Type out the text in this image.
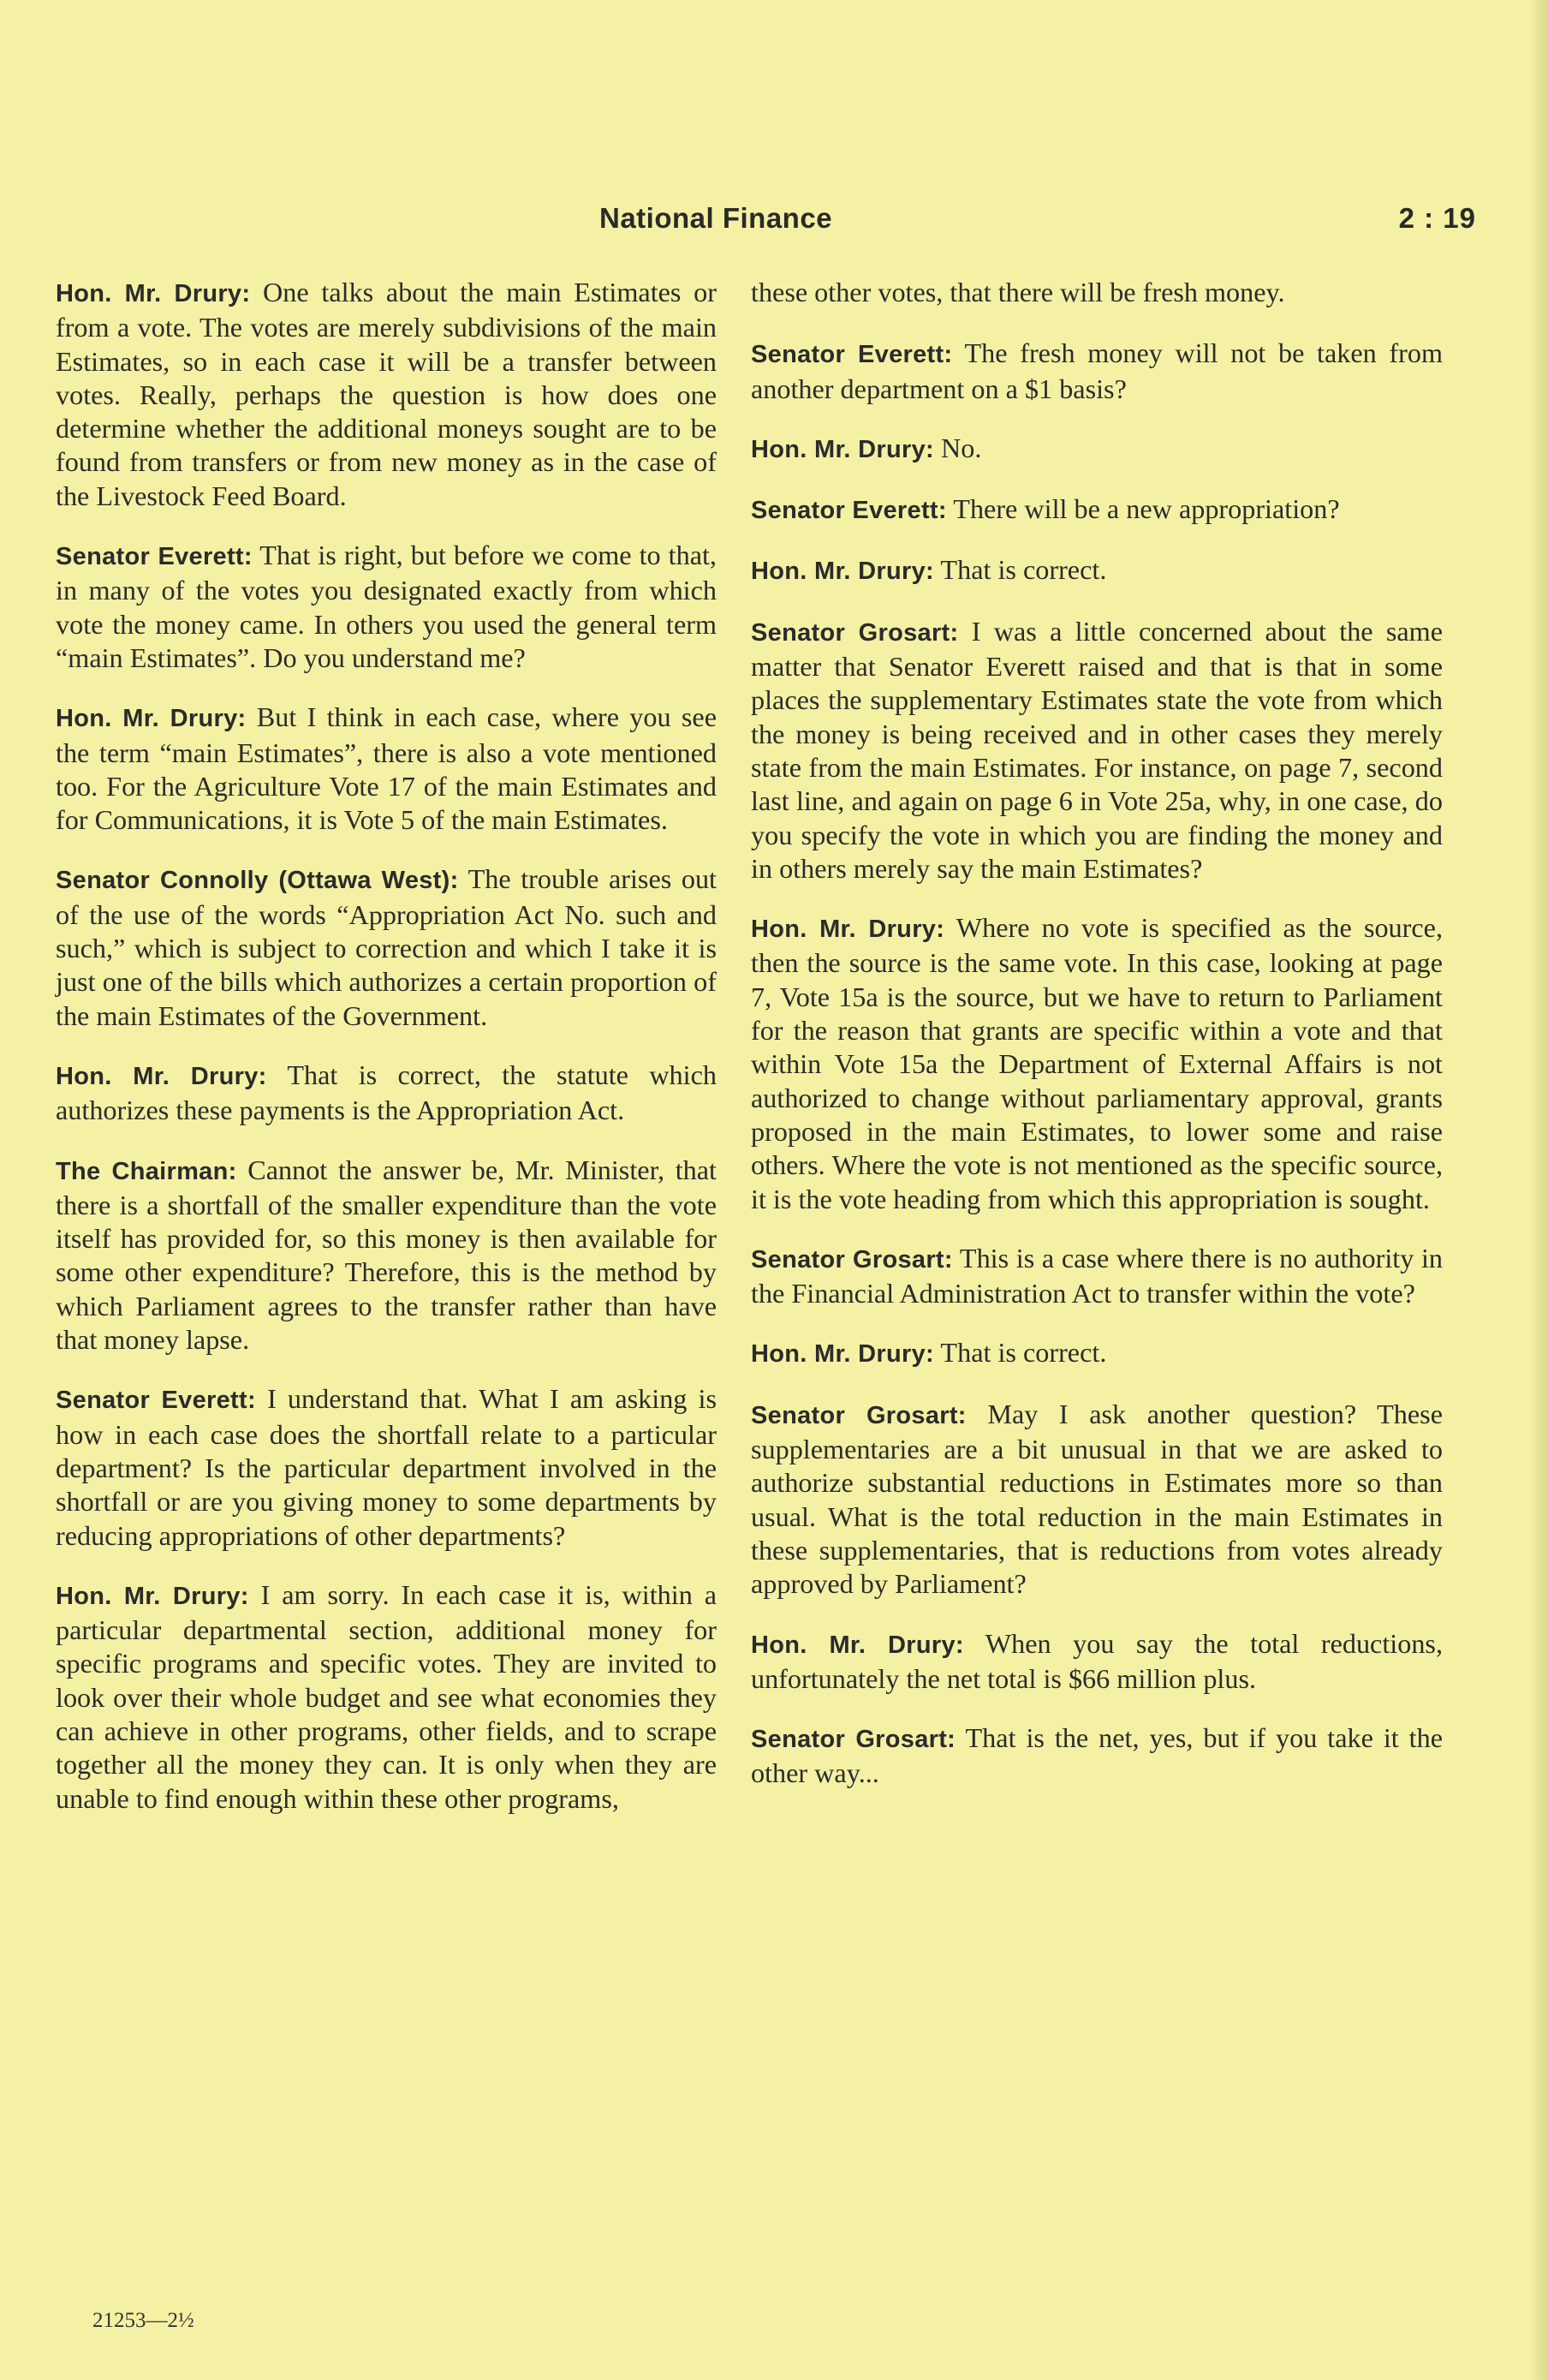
National Finance	2 : 19

Hon. Mr. Drury: One talks about the main Estimates or from a vote. The votes are merely subdivisions of the main Estimates, so in each case it will be a transfer between votes. Really, perhaps the question is how does one determine whether the additional moneys sought are to be found from transfers or from new money as in the case of the Livestock Feed Board.

Senator Everett: That is right, but before we come to that, in many of the votes you designated exactly from which vote the money came. In others you used the general term “main Estimates”. Do you understand me?

Hon. Mr. Drury: But I think in each case, where you see the term “main Estimates”, there is also a vote mentioned too. For the Agriculture Vote 17 of the main Estimates and for Communications, it is Vote 5 of the main Estimates.

Senator Connolly (Ottawa West): The trouble arises out of the use of the words “Appropriation Act No. such and such,” which is subject to correction and which I take it is just one of the bills which authorizes a certain proportion of the main Estimates of the Government.

Hon. Mr. Drury: That is correct, the statute which authorizes these payments is the Appropriation Act.

The Chairman: Cannot the answer be, Mr. Minister, that there is a shortfall of the smaller expenditure than the vote itself has provided for, so this money is then available for some other expenditure? Therefore, this is the method by which Parliament agrees to the transfer rather than have that money lapse.

Senator Everett: I understand that. What I am asking is how in each case does the shortfall relate to a particular department? Is the particular department involved in the shortfall or are you giving money to some departments by reducing appropriations of other departments?

Hon. Mr. Drury: I am sorry. In each case it is, within a particular departmental section, additional money for specific programs and specific votes. They are invited to look over their whole budget and see what economies they can achieve in other programs, other fields, and to scrape together all the money they can. It is only when they are unable to find enough within these other programs,

these other votes, that there will be fresh money.

Senator Everett: The fresh money will not be taken from another department on a $1 basis?

Hon. Mr. Drury: No.

Senator Everett: There will be a new appropriation?

Hon. Mr. Drury: That is correct.

Senator Grosart: I was a little concerned about the same matter that Senator Everett raised and that is that in some places the supplementary Estimates state the vote from which the money is being received and in other cases they merely state from the main Estimates. For instance, on page 7, second last line, and again on page 6 in Vote 25a, why, in one case, do you specify the vote in which you are finding the money and in others merely say the main Estimates?

Hon. Mr. Drury: Where no vote is specified as the source, then the source is the same vote. In this case, looking at page 7, Vote 15a is the source, but we have to return to Parliament for the reason that grants are specific within a vote and that within Vote 15a the Department of External Affairs is not authorized to change without parliamentary approval, grants proposed in the main Estimates, to lower some and raise others. Where the vote is not mentioned as the specific source, it is the vote heading from which this appropriation is sought.

Senator Grosart: This is a case where there is no authority in the Financial Administration Act to transfer within the vote?

Hon. Mr. Drury: That is correct.

Senator Grosart: May I ask another question? These supplementaries are a bit unusual in that we are asked to authorize substantial reductions in Estimates more so than usual. What is the total reduction in the main Estimates in these supplementaries, that is reductions from votes already approved by Parliament?

Hon. Mr. Drury: When you say the total reductions, unfortunately the net total is $66 million plus.

Senator Grosart: That is the net, yes, but if you take it the other way...

21253—2½
